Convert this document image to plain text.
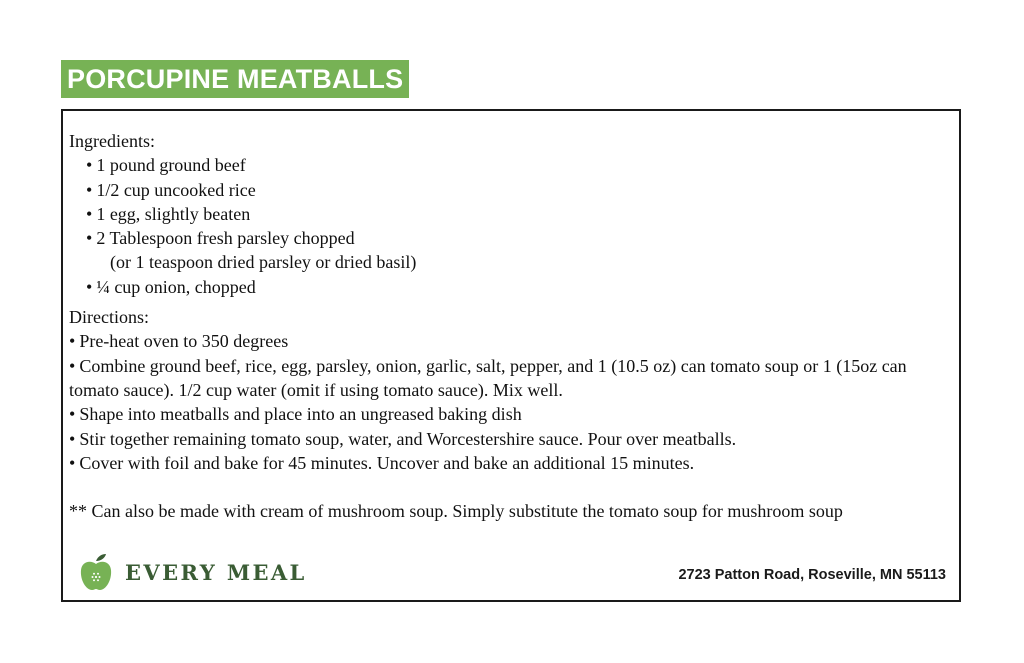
PORCUPINE MEATBALLS

Ingredients:

• 1 pound ground beef
• 1/2 cup uncooked rice
• 1 egg, slightly beaten
• 2 Tablespoon fresh parsley chopped
(or 1 teaspoon dried parsley or dried basil)
• ¼ cup onion, chopped

Directions:

• Pre-heat oven to 350 degrees
• Combine ground beef, rice, egg, parsley, onion, garlic, salt, pepper, and 1 (10.5 oz) can tomato soup or 1 (15oz can tomato sauce). 1/2 cup water (omit if using tomato sauce). Mix well.
• Shape into meatballs and place into an ungreased baking dish
• Stir together remaining tomato soup, water, and Worcestershire sauce. Pour over meatballs.
• Cover with foil and bake for 45 minutes. Uncover and bake an additional 15 minutes.

** Can also be made with cream of mushroom soup. Simply substitute the tomato soup for mushroom soup

EVERY MEAL	2723 Patton Road, Roseville, MN 55113
